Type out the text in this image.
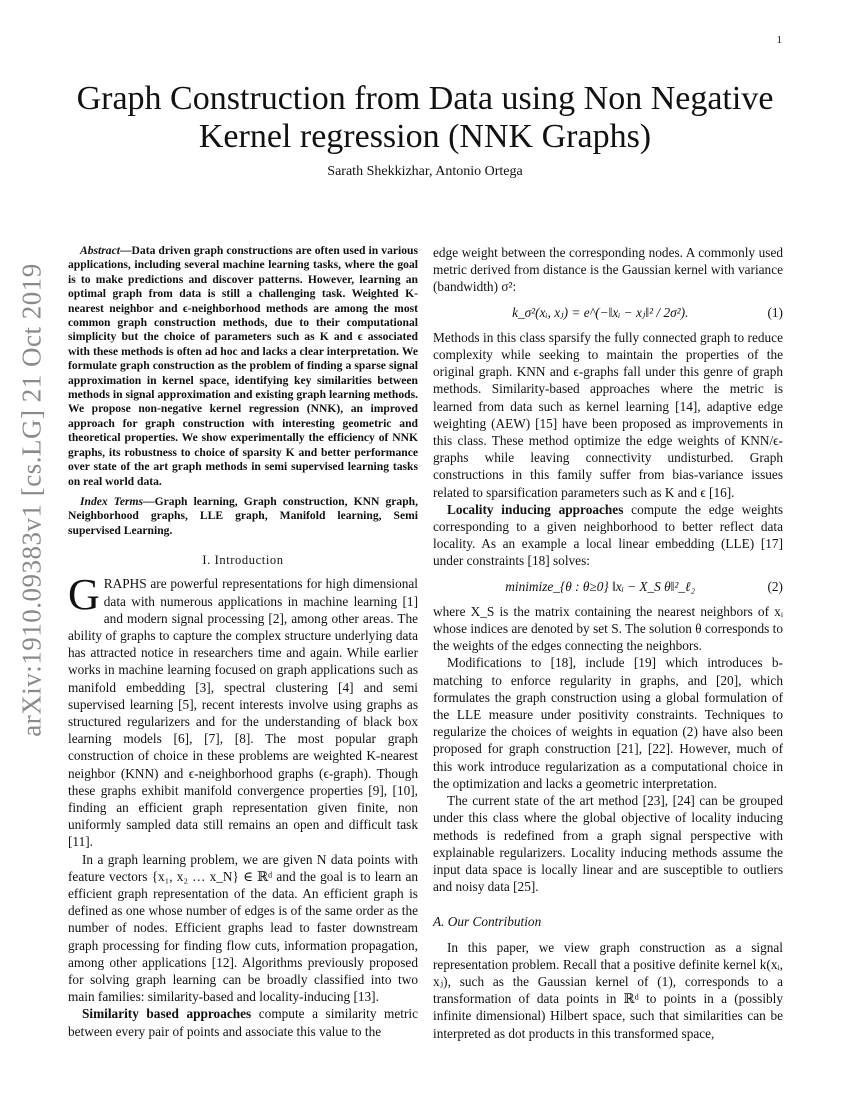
1
arXiv:1910.09383v1 [cs.LG] 21 Oct 2019
Graph Construction from Data using Non Negative Kernel regression (NNK Graphs)
Sarath Shekkizhar, Antonio Ortega

Abstract—Data driven graph constructions are often used in various applications, including several machine learning tasks, where the goal is to make predictions and discover patterns. However, learning an optimal graph from data is still a challenging task. Weighted K-nearest neighbor and ϵ-neighborhood methods are among the most common graph construction methods, due to their computational simplicity but the choice of parameters such as K and ϵ associated with these methods is often ad hoc and lacks a clear interpretation. We formulate graph construction as the problem of finding a sparse signal approximation in kernel space, identifying key similarities between methods in signal approximation and existing graph learning methods. We propose non-negative kernel regression (NNK), an improved approach for graph construction with interesting geometric and theoretical properties. We show experimentally the efficiency of NNK graphs, its robustness to choice of sparsity K and better performance over state of the art graph methods in semi supervised learning tasks on real world data.

Index Terms—Graph learning, Graph construction, KNN graph, Neighborhood graphs, LLE graph, Manifold learning, Semi supervised Learning.

I. Introduction

GRAPHS are powerful representations for high dimensional data with numerous applications in machine learning [1] and modern signal processing [2], among other areas. The ability of graphs to capture the complex structure underlying data has attracted notice in researchers time and again. While earlier works in machine learning focused on graph applications such as manifold embedding [3], spectral clustering [4] and semi supervised learning [5], recent interests involve using graphs as structured regularizers and for the understanding of black box learning models [6], [7], [8]. The most popular graph construction of choice in these problems are weighted K-nearest neighbor (KNN) and ϵ-neighborhood graphs (ϵ-graph). Though these graphs exhibit manifold convergence properties [9], [10], finding an efficient graph representation given finite, non uniformly sampled data still remains an open and difficult task [11].

In a graph learning problem, we are given N data points with feature vectors {x₁, x₂ … x_N} ∈ ℝᵈ and the goal is to learn an efficient graph representation of the data. An efficient graph is defined as one whose number of edges is of the same order as the number of nodes. Efficient graphs lead to faster downstream graph processing for finding flow cuts, information propagation, among other applications [12]. Algorithms previously proposed for solving graph learning can be broadly classified into two main families: similarity-based and locality-inducing [13].

Similarity based approaches compute a similarity metric between every pair of points and associate this value to the

edge weight between the corresponding nodes. A commonly used metric derived from distance is the Gaussian kernel with variance (bandwidth) σ²:

k_σ²(xᵢ, xⱼ) = e^(−‖xᵢ − xⱼ‖² / 2σ²).	(1)

Methods in this class sparsify the fully connected graph to reduce complexity while seeking to maintain the properties of the original graph. KNN and ϵ-graphs fall under this genre of graph methods. Similarity-based approaches where the metric is learned from data such as kernel learning [14], adaptive edge weighting (AEW) [15] have been proposed as improvements in this class. These method optimize the edge weights of KNN/ϵ-graphs while leaving connectivity undisturbed. Graph constructions in this family suffer from bias-variance issues related to sparsification parameters such as K and ϵ [16].

Locality inducing approaches compute the edge weights corresponding to a given neighborhood to better reflect data locality. As an example a local linear embedding (LLE) [17] under constraints [18] solves:

minimize_{θ : θ≥0} ‖xᵢ − X_S θ‖²_ℓ₂	(2)

where X_S is the matrix containing the nearest neighbors of xᵢ whose indices are denoted by set S. The solution θ corresponds to the weights of the edges connecting the neighbors.

Modifications to [18], include [19] which introduces b-matching to enforce regularity in graphs, and [20], which formulates the graph construction using a global formulation of the LLE measure under positivity constraints. Techniques to regularize the choices of weights in equation (2) have also been proposed for graph construction [21], [22]. However, much of this work introduce regularization as a computational choice in the optimization and lacks a geometric interpretation.

The current state of the art method [23], [24] can be grouped under this class where the global objective of locality inducing methods is redefined from a graph signal perspective with explainable regularizers. Locality inducing methods assume the input data space is locally linear and are susceptible to outliers and noisy data [25].

A. Our Contribution

In this paper, we view graph construction as a signal representation problem. Recall that a positive definite kernel k(xᵢ, xⱼ), such as the Gaussian kernel of (1), corresponds to a transformation of data points in ℝᵈ to points in a (possibly infinite dimensional) Hilbert space, such that similarities can be interpreted as dot products in this transformed space,
